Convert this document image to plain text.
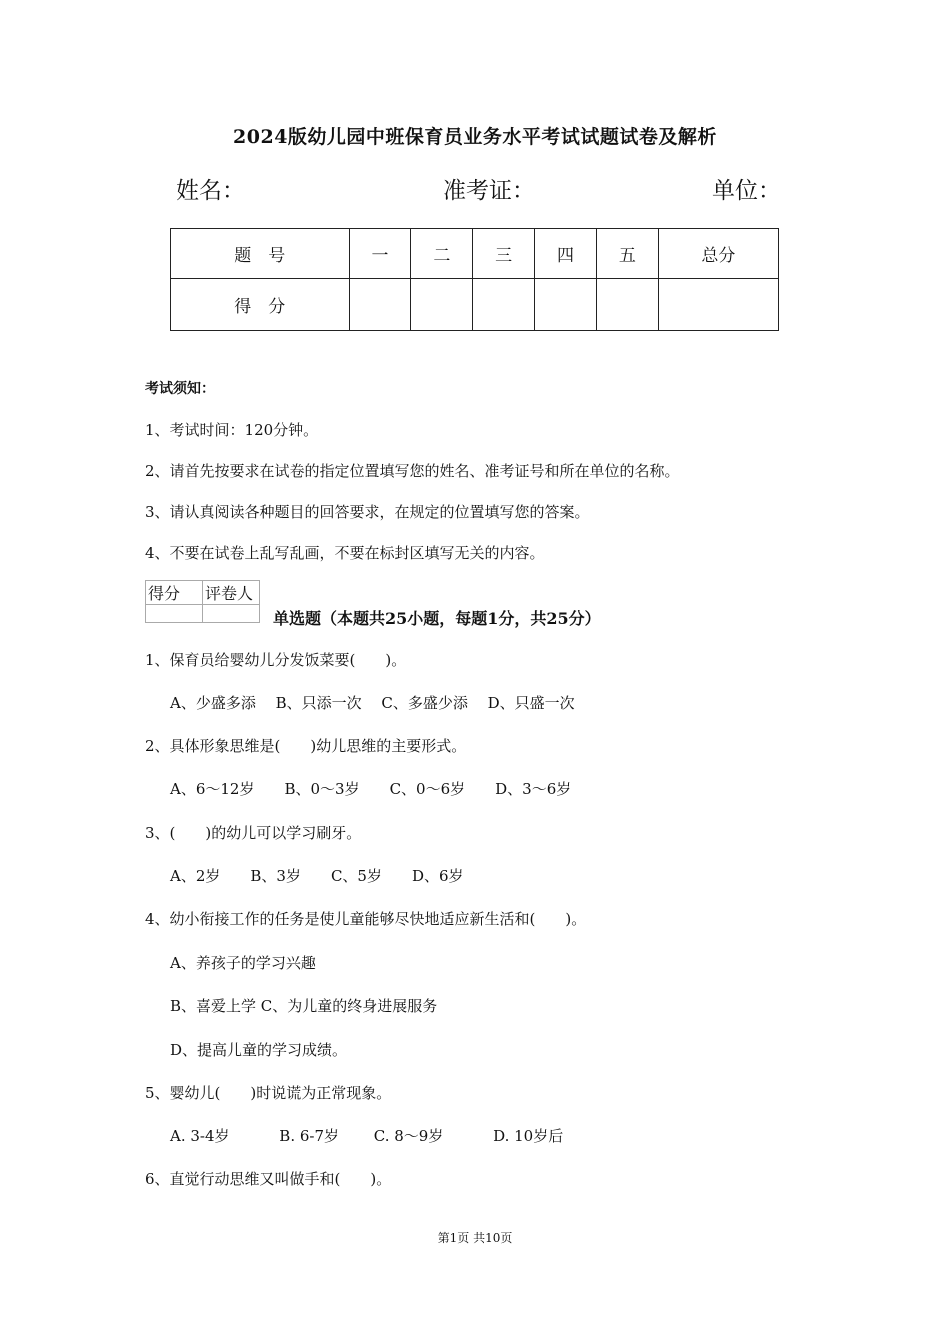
2024版幼儿园中班保育员业务水平考试试题试卷及解析
姓名：	准考证：	单位：
题　号	一	二	三	四	五	总分
得　分						
考试须知：
1、考试时间：120分钟。
2、请首先按要求在试卷的指定位置填写您的姓名、准考证号和所在单位的名称。
3、请认真阅读各种题目的回答要求，在规定的位置填写您的答案。
4、不要在试卷上乱写乱画，不要在标封区填写无关的内容。
得分	评卷人

单选题（本题共25小题，每题1分，共25分）
1、保育员给婴幼儿分发饭菜要(　　)。
A、少盛多添　 B、只添一次　 C、多盛少添　 D、只盛一次
2、具体形象思维是(　　)幼儿思维的主要形式。
A、6～12岁　　B、0～3岁　　C、0～6岁　　D、3～6岁
3、(　　)的幼儿可以学习刷牙。
A、2岁　　B、3岁　　C、5岁　　D、6岁
4、幼小衔接工作的任务是使儿童能够尽快地适应新生活和(　　)。
A、养孩子的学习兴趣
B、喜爱上学 C、为儿童的终身进展服务
D、提高儿童的学习成绩。
5、婴幼儿(　　)时说谎为正常现象。
A. 3-4岁　　　 B. 6-7岁　　 C. 8～9岁　　　 D. 10岁后
6、直觉行动思维又叫做手和(　　)。
第1页 共10页
